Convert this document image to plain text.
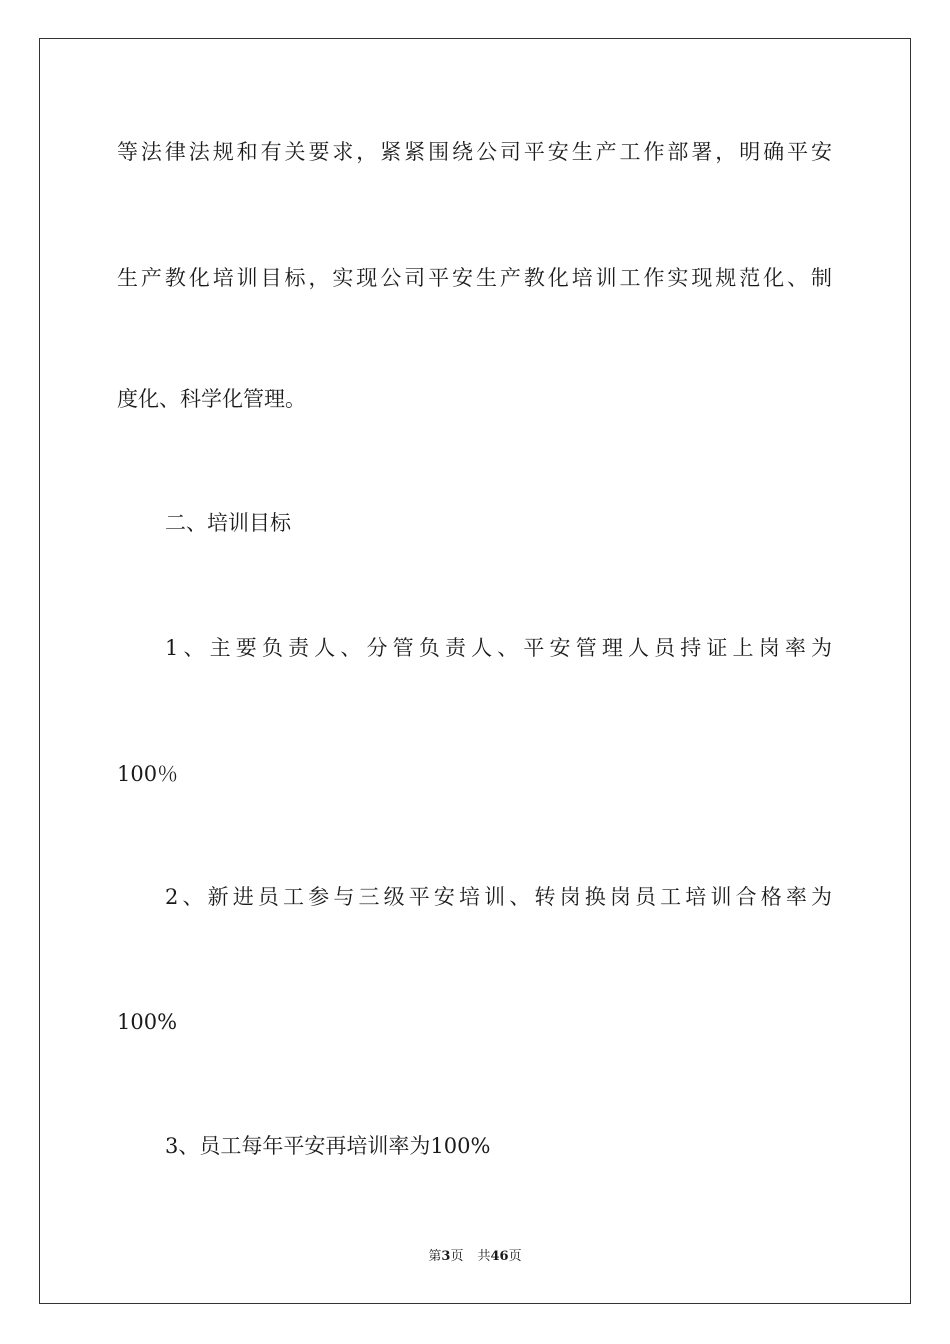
等法律法规和有关要求，紧紧围绕公司平安生产工作部署，明确平安
生产教化培训目标，实现公司平安生产教化培训工作实现规范化、制
度化、科学化管理。
二、培训目标
1、主要负责人、分管负责人、平安管理人员持证上岗率为
100％
2、新进员工参与三级平安培训、转岗换岗员工培训合格率为
100%
3、员工每年平安再培训率为100%
第3页 共46页
